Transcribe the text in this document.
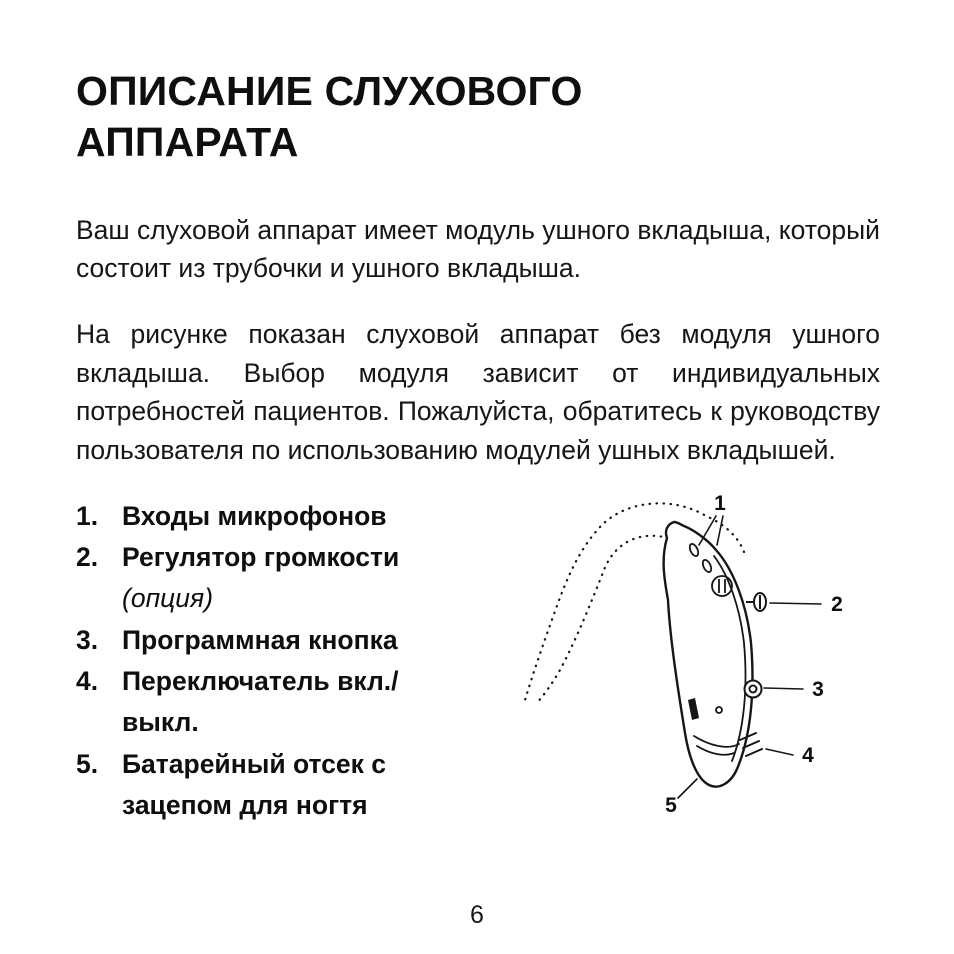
ОПИСАНИЕ СЛУХОВОГО
АППАРАТА
Ваш слуховой аппарат имеет модуль ушного вкладыша, который состоит из трубочки и ушного вкладыша.
На рисунке показан слуховой аппарат без модуля ушного вкладыша. Выбор модуля зависит от индивидуальных потребностей пациентов. Пожалуйста, обратитесь к руководству пользователя по использованию модулей ушных вкладышей.
1. Входы микрофонов
2. Регулятор громкости
(опция)
3. Программная кнопка
4. Переключатель вкл./выкл.
5. Батарейный отсек с зацепом для ногтя
1
2
3
4
5
6
